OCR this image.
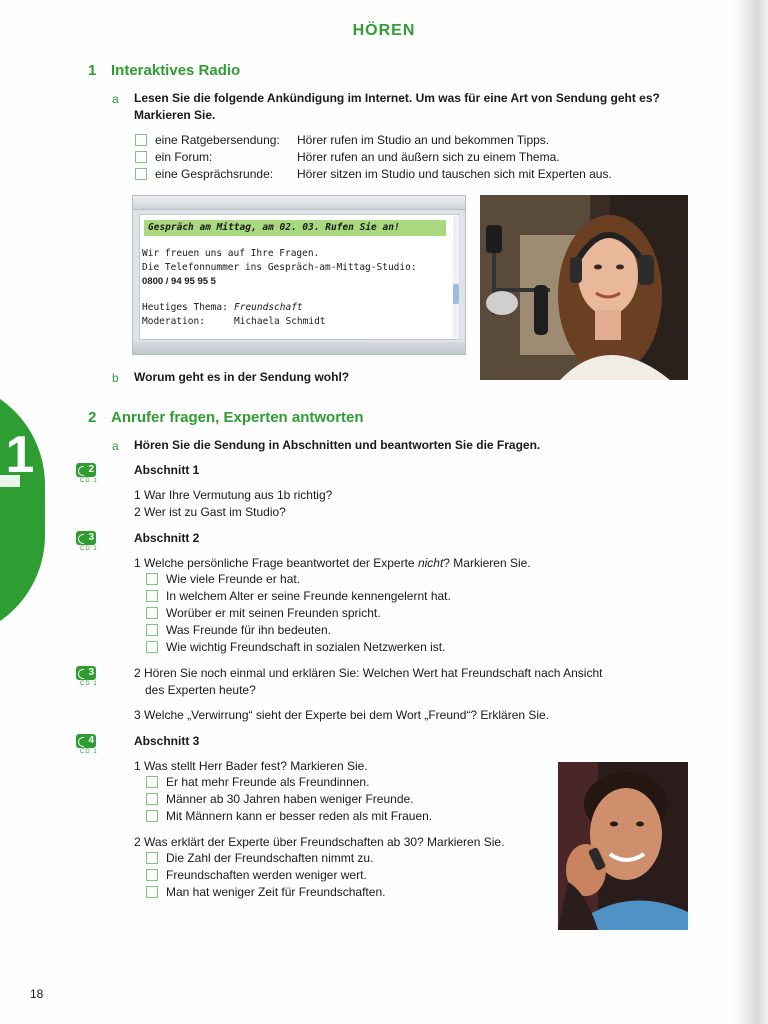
1
HÖREN
1 Interaktives Radio
a Lesen Sie die folgende Ankündigung im Internet. Um was für eine Art von Sendung geht es?
Markieren Sie.
eine Ratgebersendung: Hörer rufen im Studio an und bekommen Tipps.
ein Forum:	Hörer rufen an und äußern sich zu einem Thema.
eine Gesprächsrunde: Hörer sitzen im Studio und tauschen sich mit Experten aus.
Gespräch am Mittag, am 02. 03. Rufen Sie an!
Wir freuen uns auf Ihre Fragen.
Die Telefonnummer ins Gespräch-am-Mittag-Studio:
0800 / 94 95 95 5
Heutiges Thema: Freundschaft
Moderation:	Michaela Schmidt
b Worum geht es in der Sendung wohl?
2 Anrufer fragen, Experten antworten
a Hören Sie die Sendung in Abschnitten und beantworten Sie die Fragen.
2
CD 1
3
CD 1
3
CD 1
4
CD 1
Abschnitt 1
1 War Ihre Vermutung aus 1b richtig?
2 Wer ist zu Gast im Studio?
Abschnitt 2
1 Welche persönliche Frage beantwortet der Experte nicht? Markieren Sie.
Wie viele Freunde er hat.
In welchem Alter er seine Freunde kennengelernt hat.
Worüber er mit seinen Freunden spricht.
Was Freunde für ihn bedeuten.
Wie wichtig Freundschaft in sozialen Netzwerken ist.
2 Hören Sie noch einmal und erklären Sie: Welchen Wert hat Freundschaft nach Ansicht
des Experten heute?
3 Welche „Verwirrung“ sieht der Experte bei dem Wort „Freund“? Erklären Sie.
Abschnitt 3
1 Was stellt Herr Bader fest? Markieren Sie.
Er hat mehr Freunde als Freundinnen.
Männer ab 30 Jahren haben weniger Freunde.
Mit Männern kann er besser reden als mit Frauen.
2 Was erklärt der Experte über Freundschaften ab 30? Markieren Sie.
Die Zahl der Freundschaften nimmt zu.
Freundschaften werden weniger wert.
Man hat weniger Zeit für Freundschaften.
18
